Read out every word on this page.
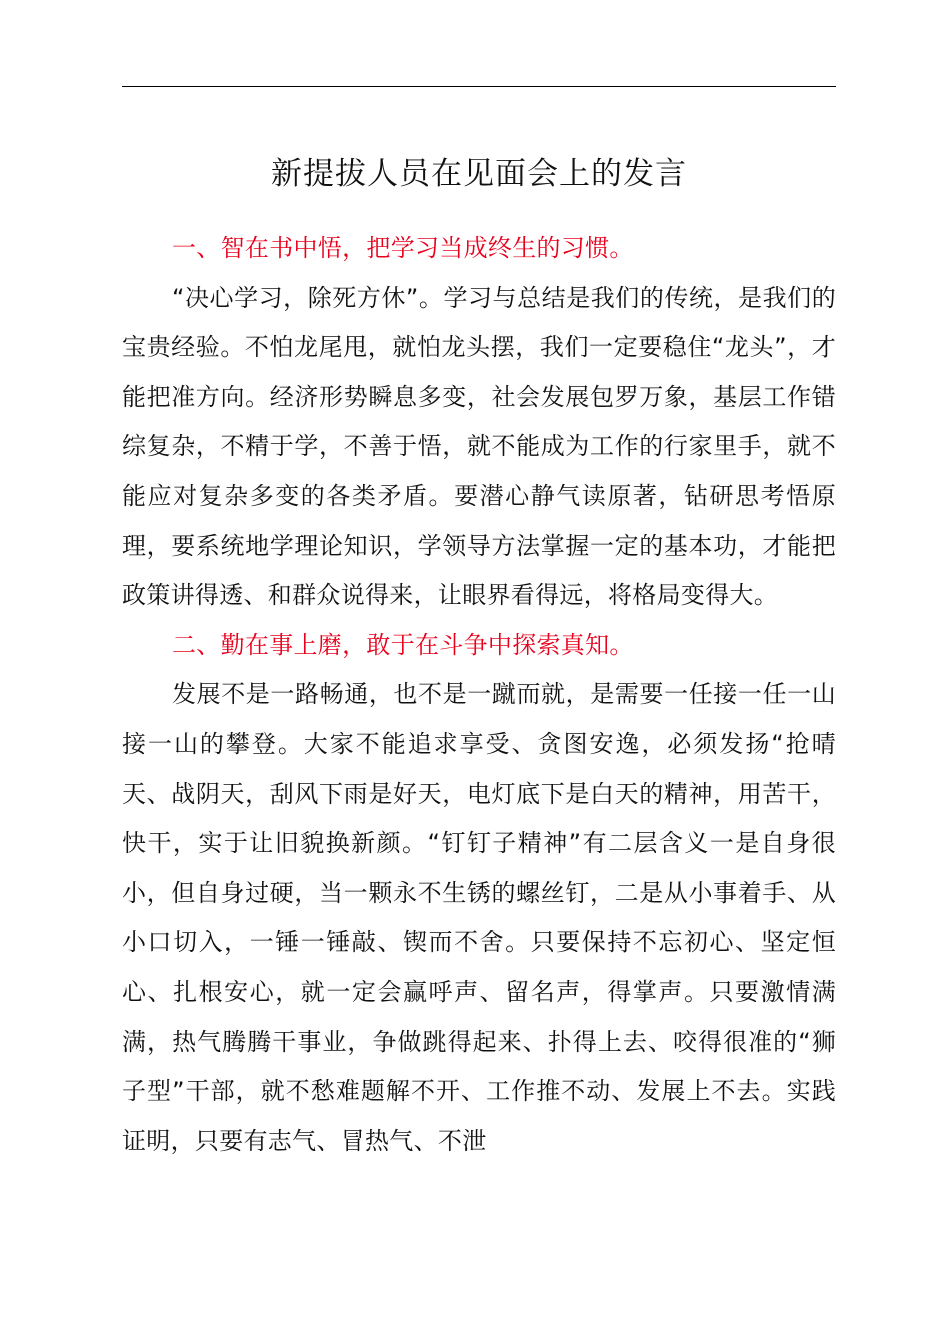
新提拔人员在见面会上的发言

一、智在书中悟，把学习当成终生的习惯。

“决心学习，除死方休”。学习与总结是我们的传统，是我们的宝贵经验。不怕龙尾甩，就怕龙头摆，我们一定要稳住“龙头”，才能把准方向。经济形势瞬息多变，社会发展包罗万象，基层工作错综复杂，不精于学，不善于悟，就不能成为工作的行家里手，就不能应对复杂多变的各类矛盾。要潜心静气读原著，钻研思考悟原理，要系统地学理论知识，学领导方法掌握一定的基本功，才能把政策讲得透、和群众说得来，让眼界看得远，将格局变得大。

二、勤在事上磨，敢于在斗争中探索真知。

发展不是一路畅通，也不是一蹴而就，是需要一任接一任一山接一山的攀登。大家不能追求享受、贪图安逸，必须发扬“抢晴天、战阴天，刮风下雨是好天，电灯底下是白天的精神，用苦干，快干，实于让旧貌换新颜。“钉钉子精神”有二层含义一是自身很小，但自身过硬，当一颗永不生锈的螺丝钉，二是从小事着手、从小口切入，一锤一锤敲、锲而不舍。只要保持不忘初心、坚定恒心、扎根安心，就一定会赢呼声、留名声，得掌声。只要激情满满，热气腾腾干事业，争做跳得起来、扑得上去、咬得很准的“狮子型”干部，就不愁难题解不开、工作推不动、发展上不去。实践证明，只要有志气、冒热气、不泄
